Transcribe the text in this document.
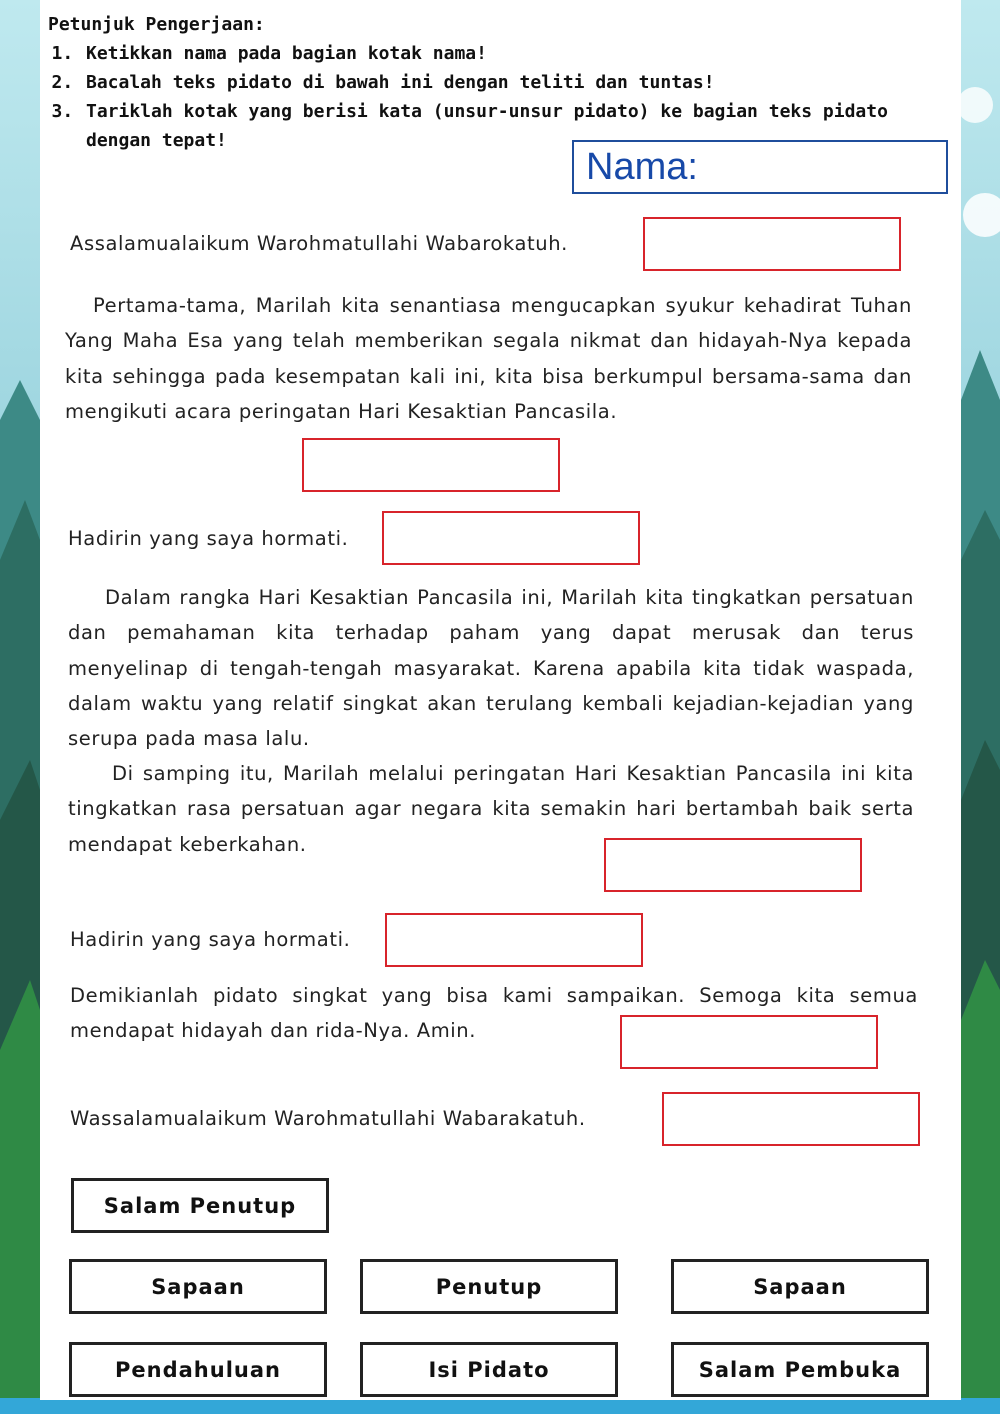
Petunjuk Pengerjaan:
1. Ketikkan nama pada bagian kotak nama!
2. Bacalah teks pidato di bawah ini dengan teliti dan tuntas!
3. Tariklah kotak yang berisi kata (unsur-unsur pidato) ke bagian teks pidato dengan tepat!
Nama:
Assalamualaikum Warohmatullahi Wabarokatuh.
Pertama-tama, Marilah kita senantiasa mengucapkan syukur kehadirat Tuhan Yang Maha Esa yang telah memberikan segala nikmat dan hidayah-Nya kepada kita sehingga pada kesempatan kali ini, kita bisa berkumpul bersama-sama dan mengikuti acara peringatan Hari Kesaktian Pancasila.
Hadirin yang saya hormati.
Dalam rangka Hari Kesaktian Pancasila ini, Marilah kita tingkatkan persatuan dan pemahaman kita terhadap paham yang dapat merusak dan terus menyelinap di tengah-tengah masyarakat. Karena apabila kita tidak waspada, dalam waktu yang relatif singkat akan terulang kembali kejadian-kejadian yang serupa pada masa lalu.
Di samping itu, Marilah melalui peringatan Hari Kesaktian Pancasila ini kita tingkatkan rasa persatuan agar negara kita semakin hari bertambah baik serta mendapat keberkahan.
Hadirin yang saya hormati.
Demikianlah pidato singkat yang bisa kami sampaikan. Semoga kita semua mendapat hidayah dan rida-Nya. Amin.
Wassalamualaikum Warohmatullahi Wabarakatuh.
Salam Penutup
Sapaan	Penutup	Sapaan
Pendahuluan	Isi Pidato	Salam Pembuka
